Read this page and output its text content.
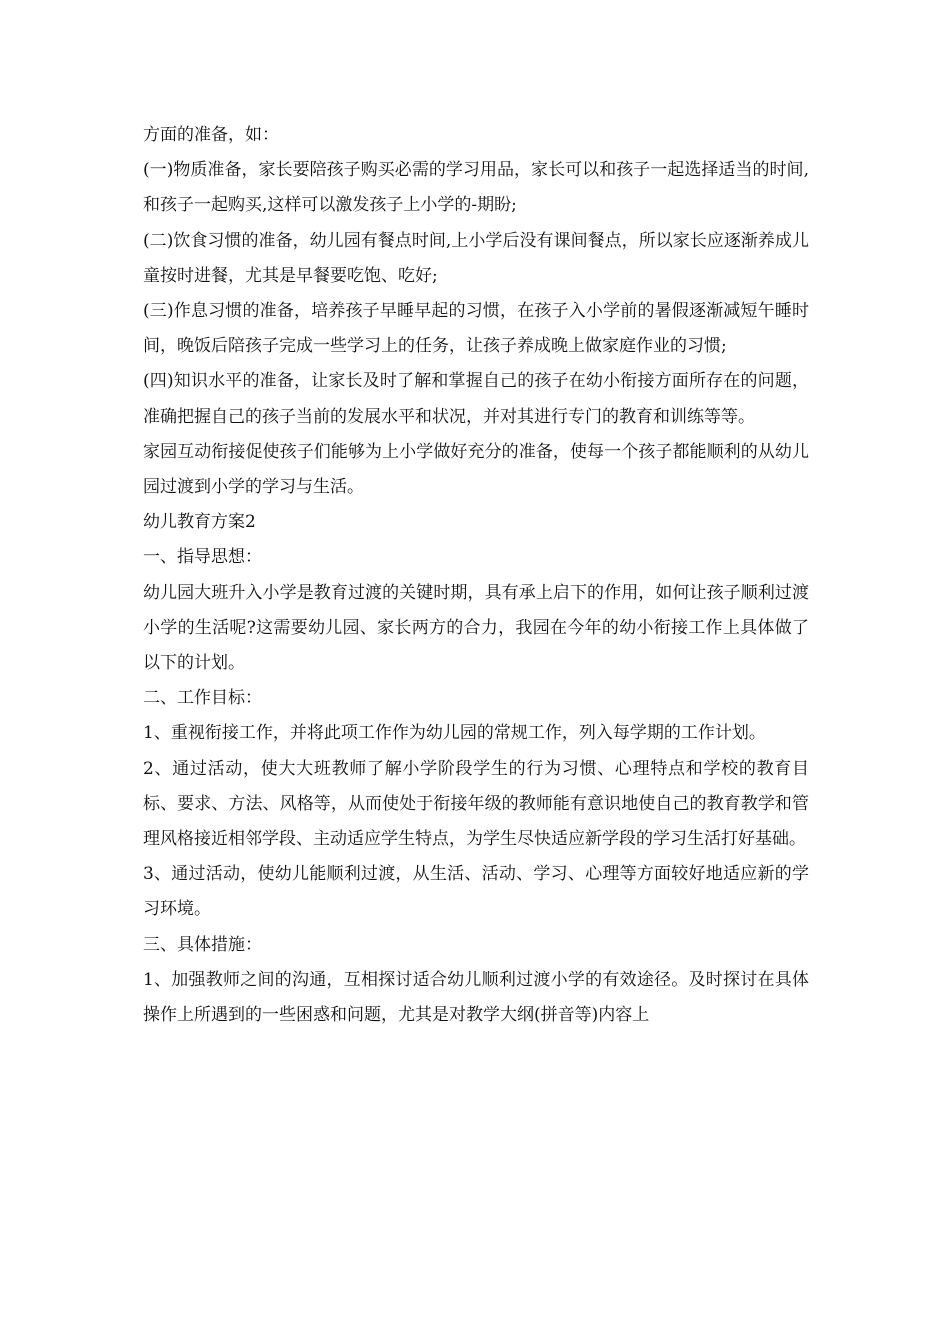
方面的准备，如：

(一)物质准备，家长要陪孩子购买必需的学习用品，家长可以和孩子一起选择适当的时间,和孩子一起购买,这样可以激发孩子上小学的-期盼;

(二)饮食习惯的准备，幼儿园有餐点时间,上小学后没有课间餐点，所以家长应逐渐养成儿童按时进餐，尤其是早餐要吃饱、吃好;

(三)作息习惯的准备，培养孩子早睡早起的习惯，在孩子入小学前的暑假逐渐减短午睡时间，晚饭后陪孩子完成一些学习上的任务，让孩子养成晚上做家庭作业的习惯;

(四)知识水平的准备，让家长及时了解和掌握自己的孩子在幼小衔接方面所存在的问题，准确把握自己的孩子当前的发展水平和状况，并对其进行专门的教育和训练等等。

家园互动衔接促使孩子们能够为上小学做好充分的准备，使每一个孩子都能顺利的从幼儿园过渡到小学的学习与生活。

幼儿教育方案2

一、指导思想：

幼儿园大班升入小学是教育过渡的关键时期，具有承上启下的作用，如何让孩子顺利过渡小学的生活呢?这需要幼儿园、家长两方的合力，我园在今年的幼小衔接工作上具体做了以下的计划。

二、工作目标：

1、重视衔接工作，并将此项工作作为幼儿园的常规工作，列入每学期的工作计划。

2、通过活动，使大大班教师了解小学阶段学生的行为习惯、心理特点和学校的教育目标、要求、方法、风格等，从而使处于衔接年级的教师能有意识地使自己的教育教学和管理风格接近相邻学段、主动适应学生特点，为学生尽快适应新学段的学习生活打好基础。

3、通过活动，使幼儿能顺利过渡，从生活、活动、学习、心理等方面较好地适应新的学习环境。

三、具体措施：

1、加强教师之间的沟通，互相探讨适合幼儿顺利过渡小学的有效途径。及时探讨在具体操作上所遇到的一些困惑和问题，尤其是对教学大纲(拼音等)内容上
